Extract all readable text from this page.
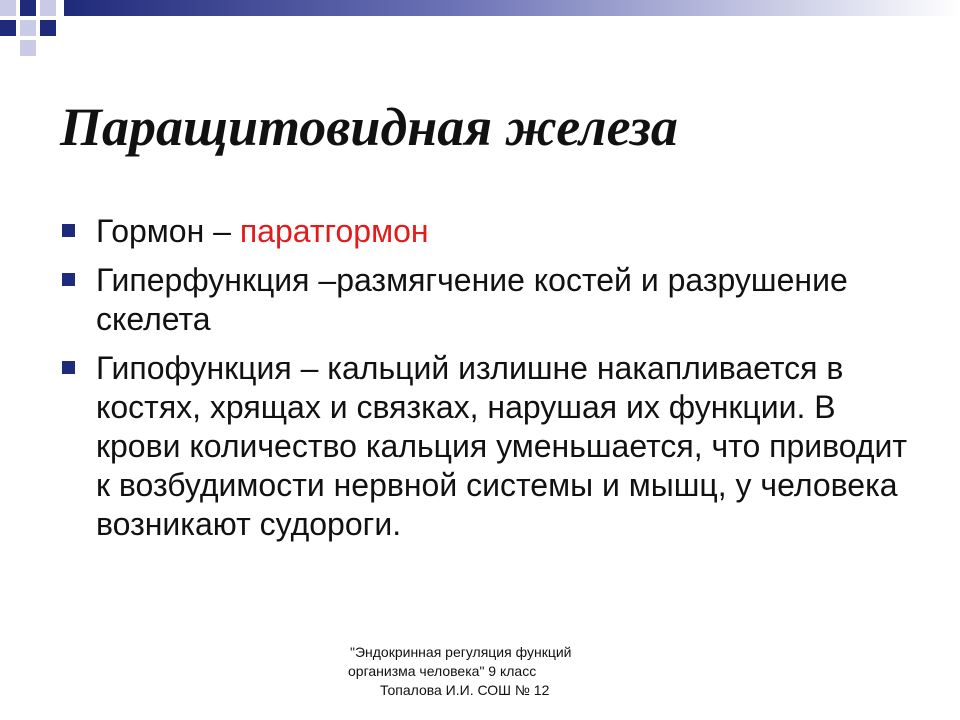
Паращитовидная железа
Гормон – паратгормон
Гиперфункция –размягчение костей и разрушение скелета
Гипофункция – кальций излишне накапливается в костях, хрящах и связках, нарушая их функции. В крови количество кальция уменьшается, что приводит к возбудимости нервной системы и мышц, у человека возникают судороги.
"Эндокринная регуляция функций
организма человека" 9 класс
Топалова И.И. СОШ № 12
